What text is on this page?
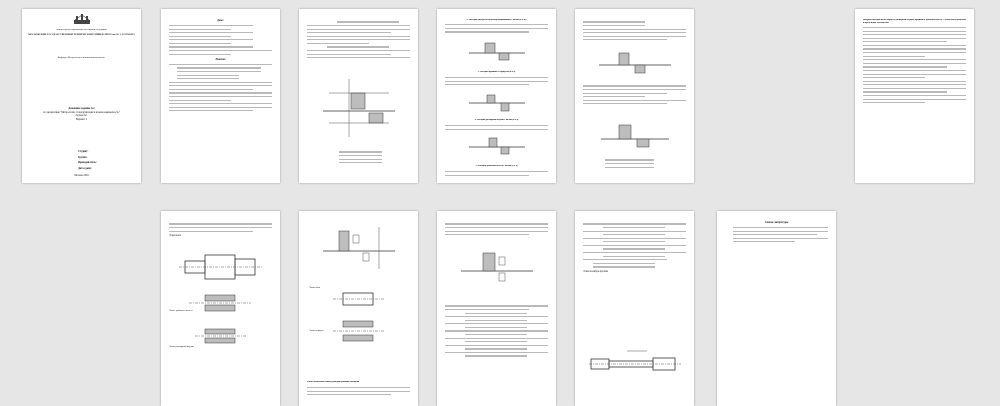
Министерство образования Российской Федерации
МОСКОВСКИЙ ГОСУДАРСТВЕННЫЙ ТЕХНИЧЕСКИЙ УНИВЕРСИТЕТ им. Н. Э. БАУМАНА
Кафедра «Метрология и взаимозаменяемость»
Домашнее задание №1
по дисциплине "Метрология, стандартизация и взаимозаменяемость"
Задача №1
Вариант 2
Студент:
Группа:
Преподаватель:
Дата сдачи:
Москва 2004
Дано:
Решение
2. Посадка внутреннего кольца подшипника с валом (ø х 40)
3. Посадка крышки с корпусом (ø х 4)
4. Посадка распорной втулки с валом (ø х 4)
5. Посадка зубчатого колеса с валом (ø х 4)
Выбрать посадки вала, корпуса, распорной втулки, крышки и зубчатого колеса. Схемы полей допусков и предельные отклонения
Эскиз вала
Эскиз зубчатого колеса
Эскиз распорной втулки
Эскиз вала
Эскиз корпуса
Расчет исполнительных размеров рабочих калибров
Эскиз калибра-пробки
Список литературы
